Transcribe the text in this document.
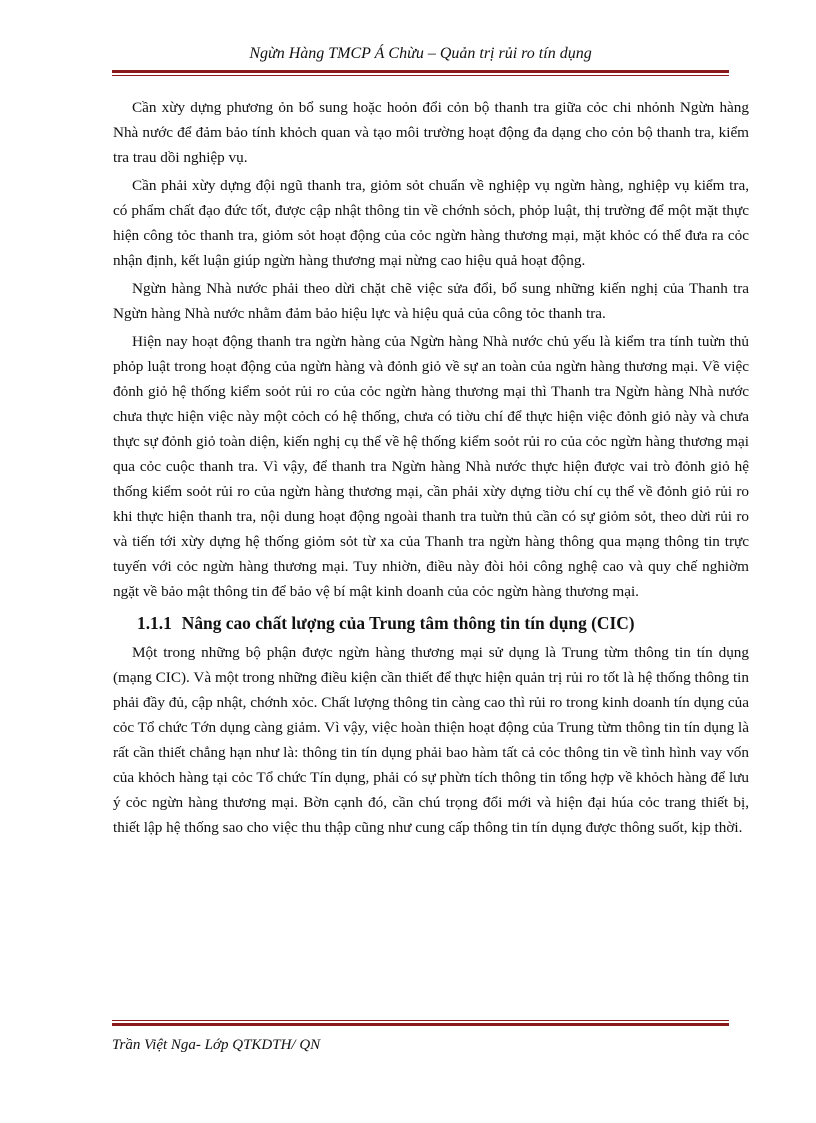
Ngừn Hàng TMCP Á Chừu – Quản trị rủi ro tín dụng

Cần xừy dựng phương ỏn bổ sung hoặc hoỏn đổi cỏn bộ thanh tra giữa cỏc chi nhỏnh Ngừn hàng Nhà nước để đảm bảo tính khỏch quan và tạo môi trường hoạt động đa dạng cho cỏn bộ thanh tra, kiểm tra trau dồi nghiệp vụ.

Cần phải xừy dựng đội ngũ thanh tra, giỏm sỏt chuẩn về nghiệp vụ ngừn hàng, nghiệp vụ kiểm tra, có phẩm chất đạo đức tốt, được cập nhật thông tin về chớnh sỏch, phỏp luật, thị trường để một mặt thực hiện công tỏc thanh tra, giỏm sỏt hoạt động của cỏc ngừn hàng thương mại, mặt khỏc có thể đưa ra cỏc nhận định, kết luận giúp ngừn hàng thương mại nừng cao hiệu quả hoạt động.

Ngừn hàng Nhà nước phải theo dừi chặt chẽ việc sửa đổi, bổ sung những kiến nghị của Thanh tra Ngừn hàng Nhà nước nhằm đảm bảo hiệu lực và hiệu quả của công tỏc thanh tra.

Hiện nay hoạt động thanh tra ngừn hàng của Ngừn hàng Nhà nước chủ yếu là kiểm tra tính tuừn thủ phỏp luật trong hoạt động của ngừn hàng và đỏnh giỏ về sự an toàn của ngừn hàng thương mại. Về việc đỏnh giỏ hệ thống kiểm soỏt rủi ro của cỏc ngừn hàng thương mại thì Thanh tra Ngừn hàng Nhà nước chưa thực hiện việc này một cỏch có hệ thống, chưa có tiờu chí để thực hiện việc đỏnh giỏ này và chưa thực sự đỏnh giỏ toàn diện, kiến nghị cụ thể về hệ thống kiểm soỏt rủi ro của cỏc ngừn hàng thương mại qua cỏc cuộc thanh tra. Vì vậy, để thanh tra Ngừn hàng Nhà nước thực hiện được vai trò đỏnh giỏ hệ thống kiểm soỏt rủi ro của ngừn hàng thương mại, cần phải xừy dựng tiờu chí cụ thể về đỏnh giỏ rủi ro khi thực hiện thanh tra, nội dung hoạt động ngoài thanh tra tuừn thủ cần có sự giỏm sỏt, theo dừi rủi ro và tiến tới xừy dựng hệ thống giỏm sỏt từ xa của Thanh tra ngừn hàng thông qua mạng thông tin trực tuyến với cỏc ngừn hàng thương mại. Tuy nhiờn, điều này đòi hỏi công nghệ cao và quy chế nghiờm ngặt về bảo mật thông tin để bảo vệ bí mật kinh doanh của cỏc ngừn hàng thương mại.

1.1.1 Nâng cao chất lượng của Trung tâm thông tin tín dụng (CIC)

Một trong những bộ phận được ngừn hàng thương mại sử dụng là Trung từm thông tin tín dụng (mạng CIC). Và một trong những điều kiện cần thiết để thực hiện quản trị rủi ro tốt là hệ thống thông tin phải đầy đủ, cập nhật, chớnh xỏc. Chất lượng thông tin càng cao thì rủi ro trong kinh doanh tín dụng của cỏc Tổ chức Tớn dụng càng giảm. Vì vậy, việc hoàn thiện hoạt động của Trung từm thông tin tín dụng là rất cần thiết chẳng hạn như là: thông tin tín dụng phải bao hàm tất cả cỏc thông tin về tình hình vay vốn của khỏch hàng tại cỏc Tổ chức Tín dụng, phải có sự phừn tích thông tin tổng hợp về khỏch hàng để lưu ý cỏc ngừn hàng thương mại. Bờn cạnh đó, cần chú trọng đổi mới và hiện đại húa cỏc trang thiết bị, thiết lập hệ thống sao cho việc thu thập cũng như cung cấp thông tin tín dụng được thông suốt, kịp thời.

Trần Việt Nga- Lớp QTKDTH/ QN
